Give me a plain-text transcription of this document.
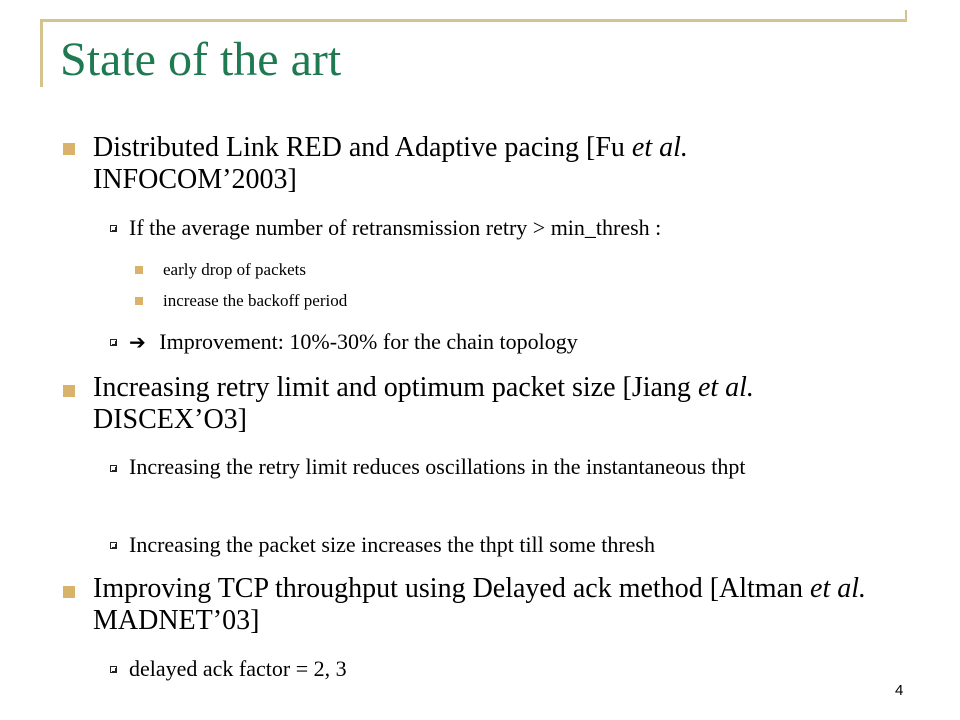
State of the art
Distributed Link RED and Adaptive pacing [Fu et al. INFOCOM’2003]
If the average number of retransmission retry > min_thresh :
early drop of packets
increase the backoff period
➔ Improvement: 10%-30% for the chain topology
Increasing retry limit and optimum packet size [Jiang et al. DISCEX’O3]
Increasing the retry limit reduces oscillations in the instantaneous thpt
Increasing the packet size increases the thpt till some thresh
Improving TCP throughput using Delayed ack method [Altman et al. MADNET’03]
delayed ack factor = 2, 3
4
